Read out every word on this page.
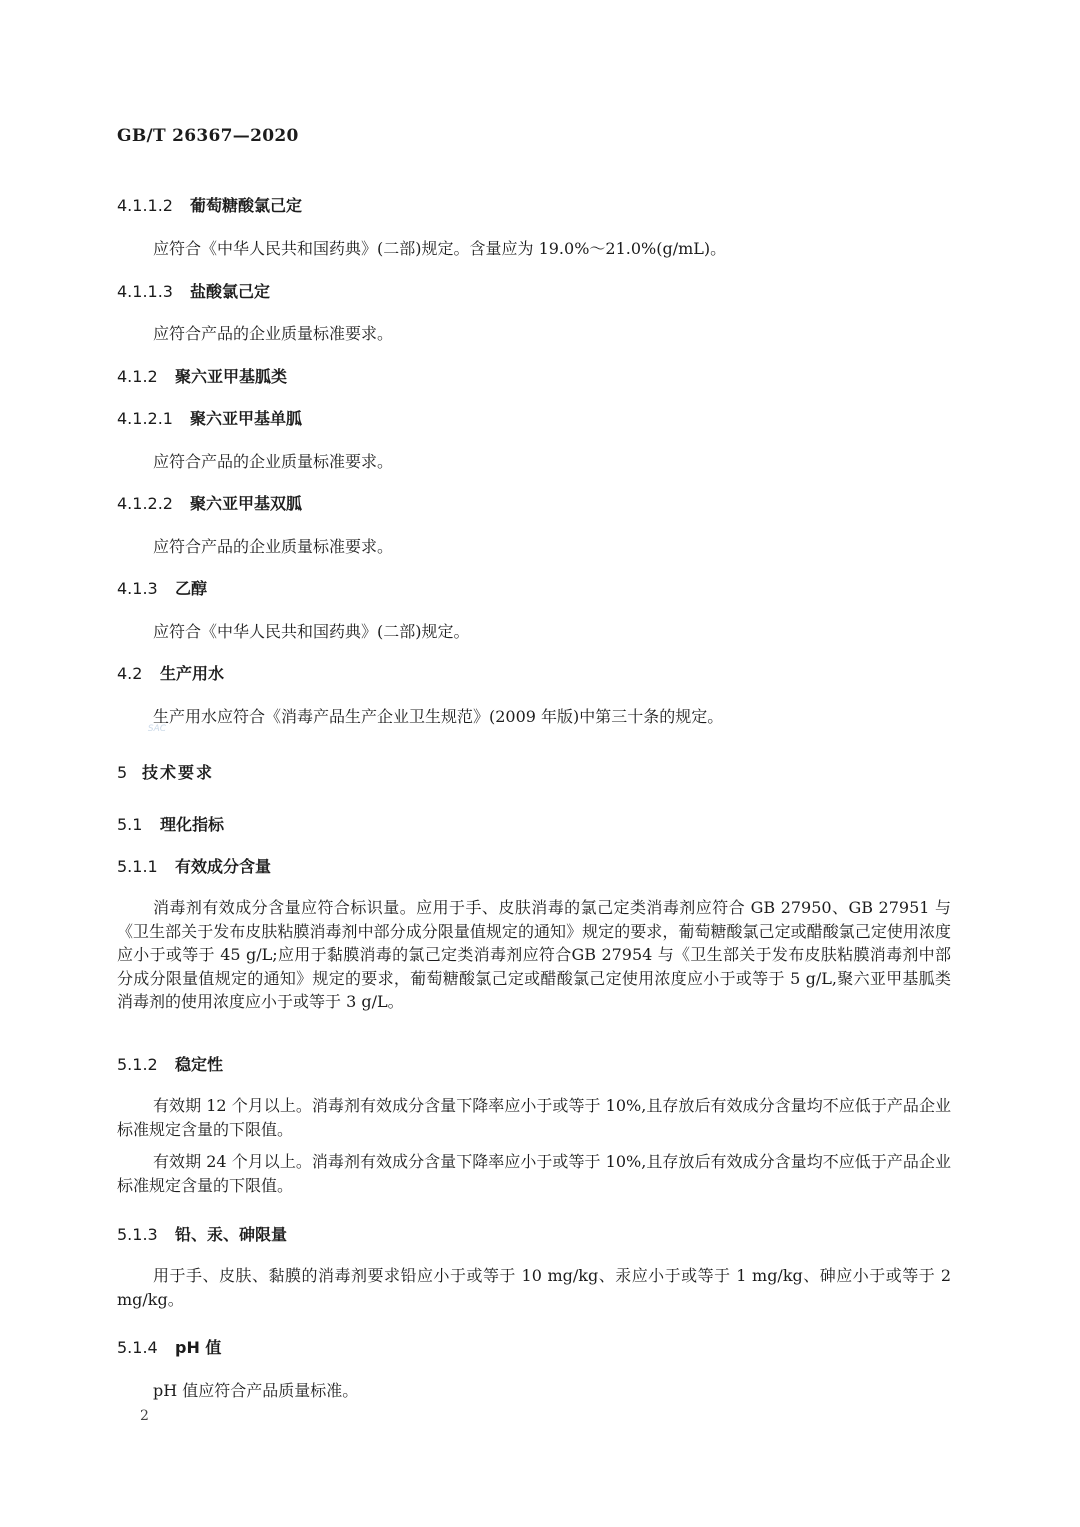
GB/T 26367—2020
4.1.1.2 葡萄糖酸氯己定
应符合《中华人民共和国药典》(二部)规定。含量应为 19.0%～21.0%(g/mL)。
4.1.1.3 盐酸氯己定
应符合产品的企业质量标准要求。
4.1.2 聚六亚甲基胍类
4.1.2.1 聚六亚甲基单胍
应符合产品的企业质量标准要求。
4.1.2.2 聚六亚甲基双胍
应符合产品的企业质量标准要求。
4.1.3 乙醇
应符合《中华人民共和国药典》(二部)规定。
4.2 生产用水
生产用水应符合《消毒产品生产企业卫生规范》(2009 年版)中第三十条的规定。
SAC
5 技术要求
5.1 理化指标
5.1.1 有效成分含量

消毒剂有效成分含量应符合标识量。应用于手、皮肤消毒的氯己定类消毒剂应符合 GB 27950、GB 27951 与《卫生部关于发布皮肤粘膜消毒剂中部分成分限量值规定的通知》规定的要求，葡萄糖酸氯己定或醋酸氯己定使用浓度应小于或等于 45 g/L;应用于黏膜消毒的氯己定类消毒剂应符合GB 27954 与《卫生部关于发布皮肤粘膜消毒剂中部分成分限量值规定的通知》规定的要求，葡萄糖酸氯己定或醋酸氯己定使用浓度应小于或等于 5 g/L,聚六亚甲基胍类消毒剂的使用浓度应小于或等于 3 g/L。

5.1.2 稳定性

有效期 12 个月以上。消毒剂有效成分含量下降率应小于或等于 10%,且存放后有效成分含量均不应低于产品企业标准规定含量的下限值。

有效期 24 个月以上。消毒剂有效成分含量下降率应小于或等于 10%,且存放后有效成分含量均不应低于产品企业标准规定含量的下限值。

5.1.3 铅、汞、砷限量

用于手、皮肤、黏膜的消毒剂要求铅应小于或等于 10 mg/kg、汞应小于或等于 1 mg/kg、砷应小于或等于 2 mg/kg。

5.1.4 pH 值
pH 值应符合产品质量标准。
2
